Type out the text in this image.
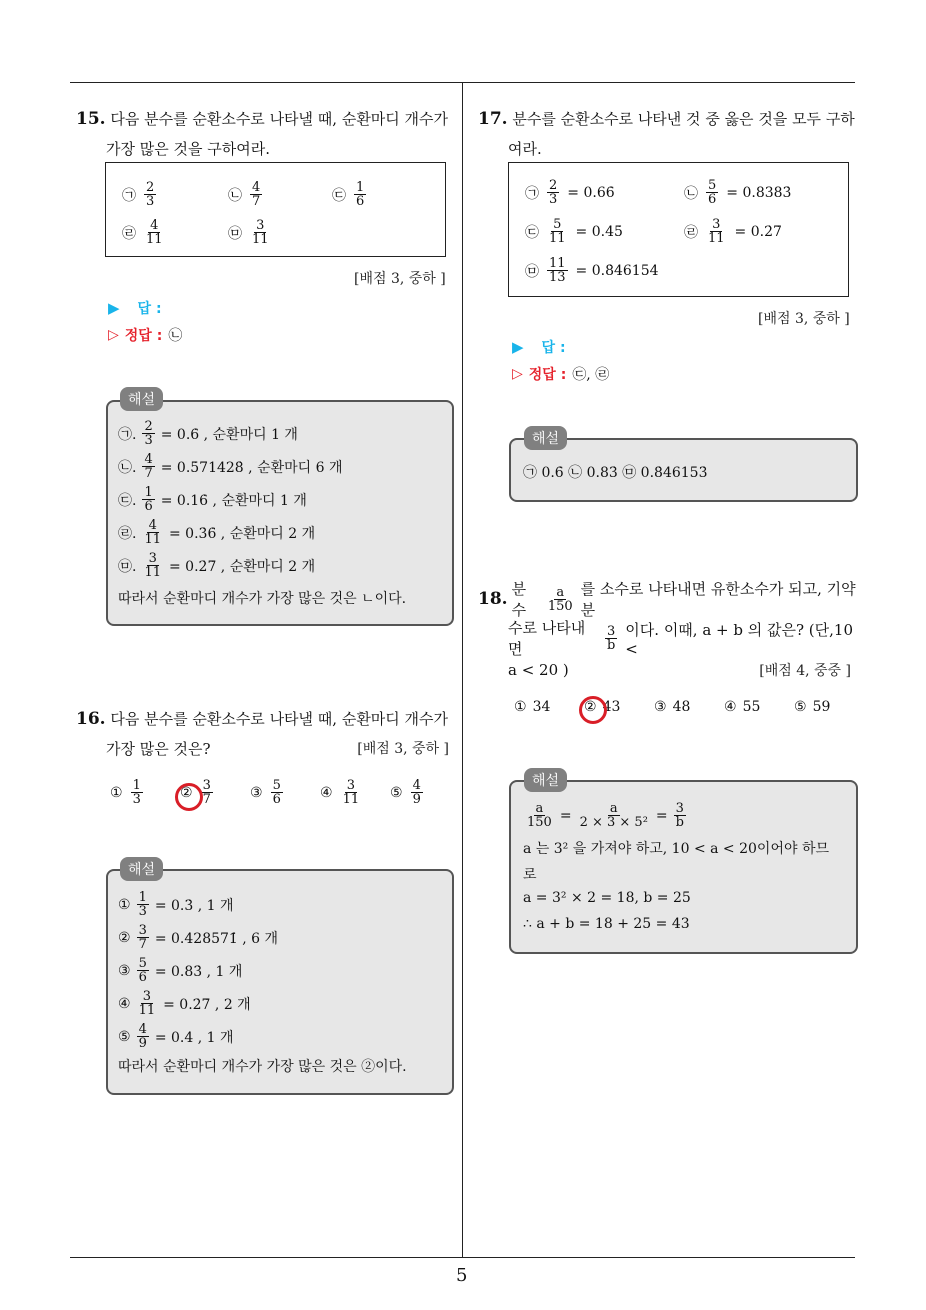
5
15. 다음 분수를 순환소수로 나타낼 때, 순환마디 개수가
가장 많은 것을 구하여라.
㉠ $\frac{2}{3}$	㉡ $\frac{4}{7}$	㉢ $\frac{1}{6}$
㉣ $\frac{4}{11}$	㉤ $\frac{3}{11}$
[배점 3, 중하 ]
▶ 답 :
▷ 정답 : ㉡
㉠. $\frac{2}{3}$ = 0.6̇ , 순환마디 1 개
㉡. $\frac{4}{7}$ = 0.5̇71428̇ , 순환마디 6 개
㉢. $\frac{1}{6}$ = 0.16̇ , 순환마디 1 개
㉣. $\frac{4}{11}$ = 0.3̇6̇ , 순환마디 2 개
㉤. $\frac{3}{11}$ = 0.2̇7̇ , 순환마디 2 개
따라서 순환마디 개수가 가장 많은 것은 ㄴ이다.
해설
16. 다음 분수를 순환소수로 나타낼 때, 순환마디 개수가
가장 많은 것은?	[배점 3, 중하 ]
① $\frac{1}{3}$	② $\frac{3}{7}$	③ $\frac{5}{6}$	④ $\frac{3}{11}$ ⑤ $\frac{4}{9}$
① $\frac{1}{3}$ = 0.3̇ , 1 개
② $\frac{3}{7}$ = 0.4̇28571̇ , 6 개
③ $\frac{5}{6}$ = 0.83̇ , 1 개
④ $\frac{3}{11}$ = 0.2̇7̇ , 2 개
⑤ $\frac{4}{9}$ = 0.4̇ , 1 개
따라서 순환마디 개수가 가장 많은 것은 ②이다.
해설
17. 분수를 순환소수로 나타낸 것 중 옳은 것을 모두 구하
여라.
㉠ $\frac{2}{3}$ = 0.66̇	㉡ $\frac{5}{6}$ = 0.8383̇
㉢ $\frac{5}{11}$ = 0.4̇5̇	㉣ $\frac{3}{11}$ = 0.2̇7̇
㉤ $\frac{11}{13}$ = 0.8̇46154̇
[배점 3, 중하 ]
▶ 답 :
▷ 정답 : ㉢, ㉣
㉠ 0.6̇ ㉡ 0.83̇ ㉤ 0.8̇46153̇
해설
18. 분수	$\frac{a}{150}$ 를 소수로 나타내면 유한소수가 되고, 기약분
수로 나타내면	$\frac{3}{b}$ 이다. 이때, a + b 의 값은? (단,10 <
a < 20 )	[배점 4, 중중 ]
① 34 ② 43 ③ 48 ④ 55 ⑤ 59
$\frac{a}{150} = \frac{a}{\text{2 × 3 × 5²}} = \frac{3}{b}$
a 는 3² 을 가져야 하고, 10 < a < 20이어야 하므
로
a = 3² × 2 = 18, b = 25
∴ a + b = 18 + 25 = 43
해설
